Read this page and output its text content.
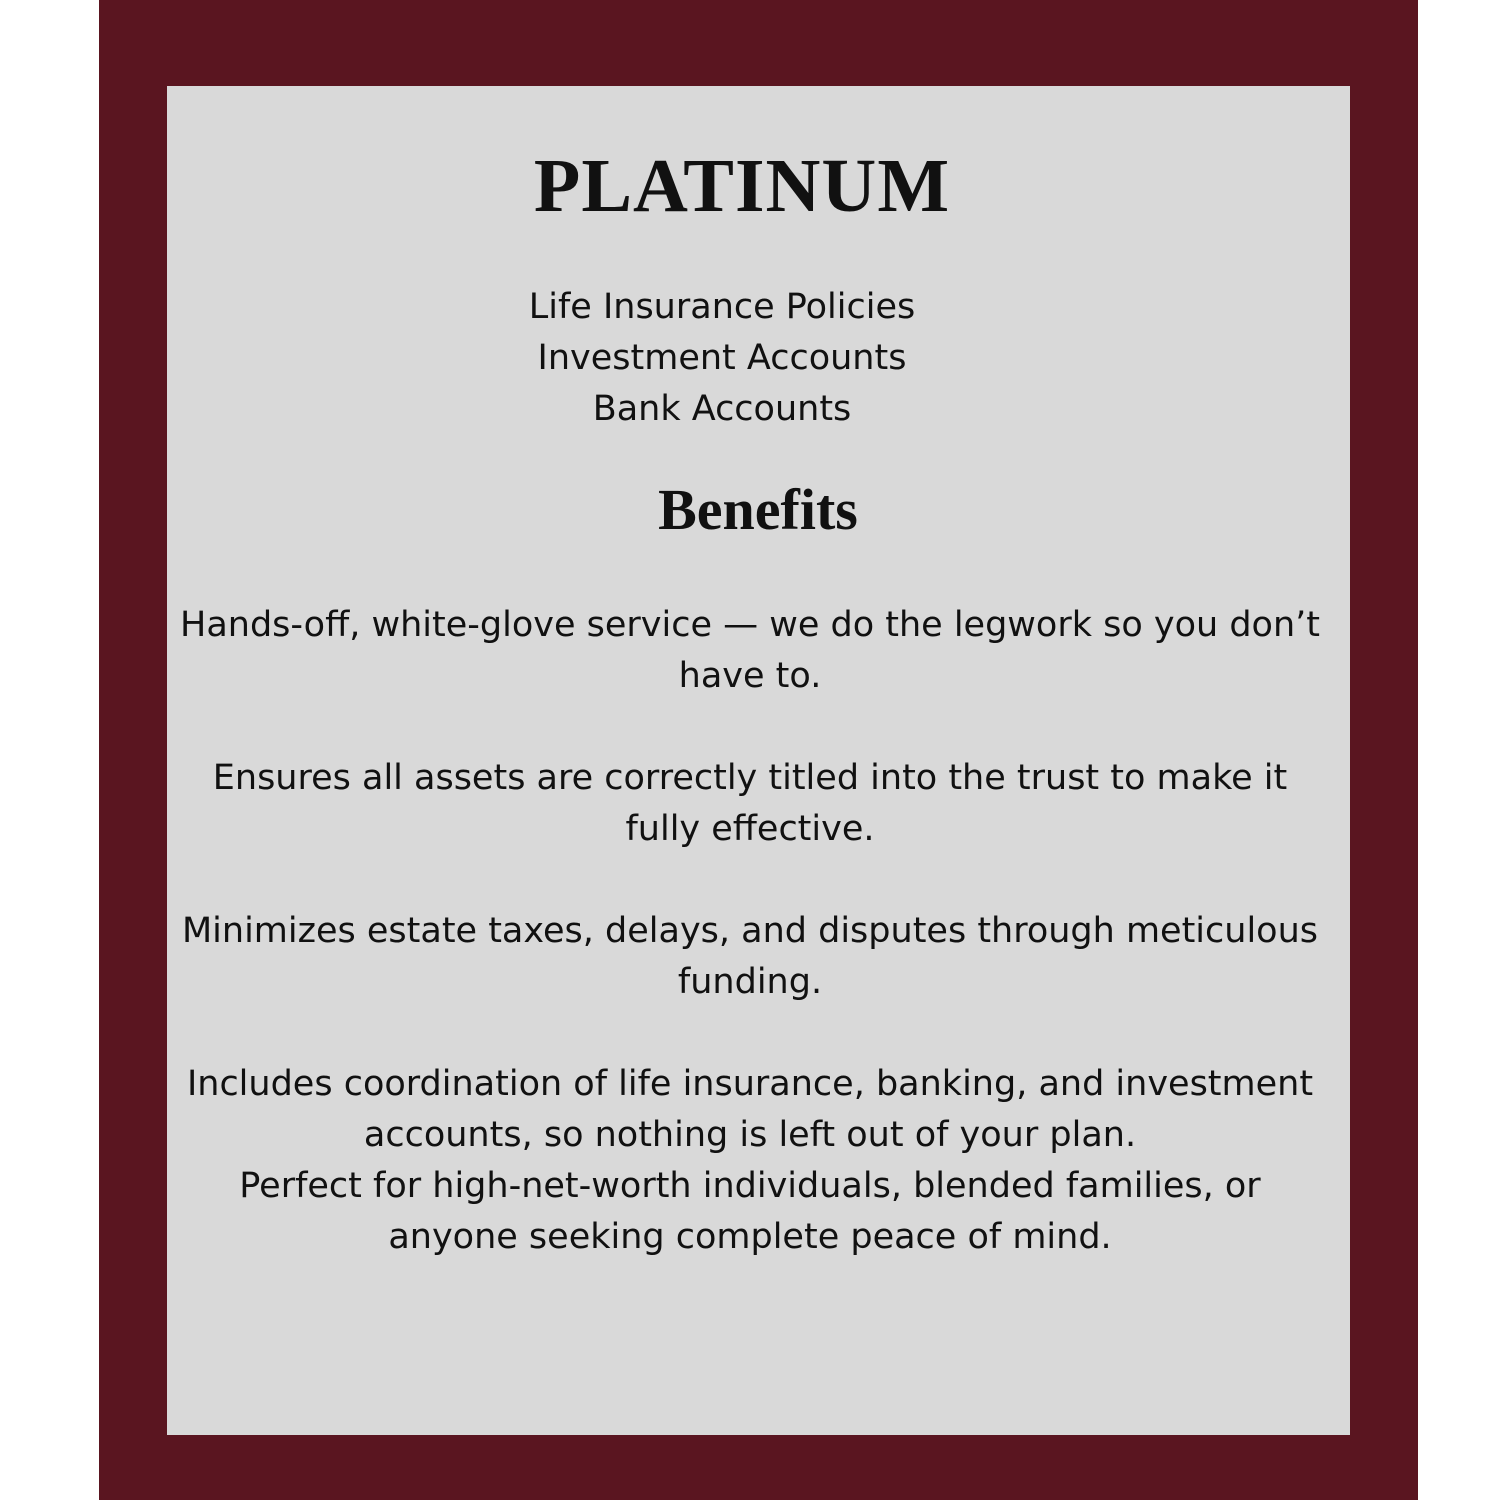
PLATINUM
Life Insurance Policies
Investment Accounts
Bank Accounts
Benefits

Hands-off, white-glove service — we do the legwork so you don’t have to.

Ensures all assets are correctly titled into the trust to make it fully effective.

Minimizes estate taxes, delays, and disputes through meticulous funding.

Includes coordination of life insurance, banking, and investment accounts, so nothing is left out of your plan.

Perfect for high-net-worth individuals, blended families, or anyone seeking complete peace of mind.
